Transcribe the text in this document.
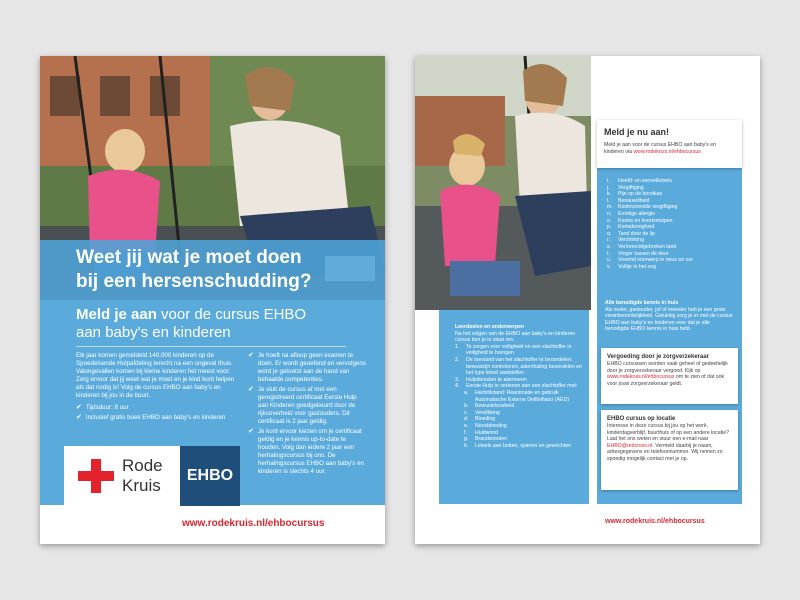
Weet jij wat je moet doen
bij een hersenschudding?
Meld je aan voor de cursus EHBO
aan baby's en kinderen
Elk jaar komen gemiddeld 140.000 kinderen op de Spoedeisende Hulpafdeling terecht na een ongeval thuis. Valongevallen komen bij kleine kinderen het meest voor. Zorg ervoor dat jij weet wat je moet en je kind kunt helpen als dat nodig is! Volg de cursus EHBO aan baby's en kinderen bij jou in de buurt.
✔ Tijdsduur: 8 uur
✔ Inclusief gratis boek EHBO aan baby's en kinderen
✔ Je hoeft na afloop geen examen te doen. Er wordt geoefend en vervolgens word je getoetst aan de hand van behaalde competenties.
✔ Je sluit de cursus af met een geregistreerd certificaat Eerste Hulp aan Kinderen goedgekeurd door de rijksoverheid voor gastouders. Dit certificaat is 2 jaar geldig.
✔ Je kunt ervoor kiezen om je certificaat geldig en je kennis up-to-date te houden. Volg dan iedere 2 jaar een herhalingscursus bij ons. De herhalingscursus EHBO aan baby's en kinderen is slechts 4 uur.
Rode
Kruis
EHBO
www.rodekruis.nl/ehbocursus
Meld je nu aan!
Meld je aan voor de cursus EHBO aan baby's en kinderen via www.rodekruis.nl/ehbocursus
i.	Hoofd- en wervelletsels
j.	Vergiftiging
k.	Pijn op de borstkas
l.	Benauwdheid
m. Koolmonoxide vergiftiging
n.	Ernstige allergie
o.	Koorts en koortsstuipen
p.	Kortademigheid
q.	Tand door de lip
r.	Verdrinking
s.	Verloren/afgebroken tand
t.	Vinger tussen de deur
u.	Vreemd voorwerp in neus en oor
v.	Vuiltje in het oog
Alle benodigde kennis in huis
Als ouder, gastouder, juf of meester heb je een grote verantwoordelijkheid. Gelukkig zorg je er met de cursus EHBO aan baby's en kinderen voor dat je alle benodigde EHBO kennis in huis hebt.
Vergoeding door je zorgverzekeraar
EHBO cursussen worden vaak geheel of gedeeltelijk door je zorgverzekeraar vergoed. Kijk op www.rodekruis.nl/ehbocursus om te zien of dat ook voor jouw zorgverzekeraar geldt.
EHBO cursus op locatie
Interesse in deze cursus bij jou op het werk, kinderdagverblijf, buurthuis of op een andere locatie? Laat het ons weten en stuur een e-mail naar EHBO@redcross.nl. Vermeld daarbij je naam, adresgegevens en telefoonnummer. Wij nemen zo spoedig mogelijk contact met je op.
Leerdoelen en onderwerpen
Na het volgen van de EHBO aan baby's en kinderen cursus ben je in staat om:
1.	Te zorgen voor veiligheid en een slachtoffer in veiligheid te brengen
2.	De toestand van het slachtoffer te beoordelen: bewustzijn controleren, ademhaling beoordelen en het type letsel vaststellen
3.	Hulpdiensten te alarmeren
4.	Eerste Hulp te verlenen aan een slachtoffer met:
a.	Hartstilstand: Reanimatie en gebruik Automatische Externe Defibrillator (AED)
b.	Bewusteloosheid
c.	Verslikking
d.	Bloeding
e.	Neusbloeding
f.	Huidwond
g.	Brandwonden
h.	Letsels aan botten, spieren en gewrichten
www.rodekruis.nl/ehbocursus
